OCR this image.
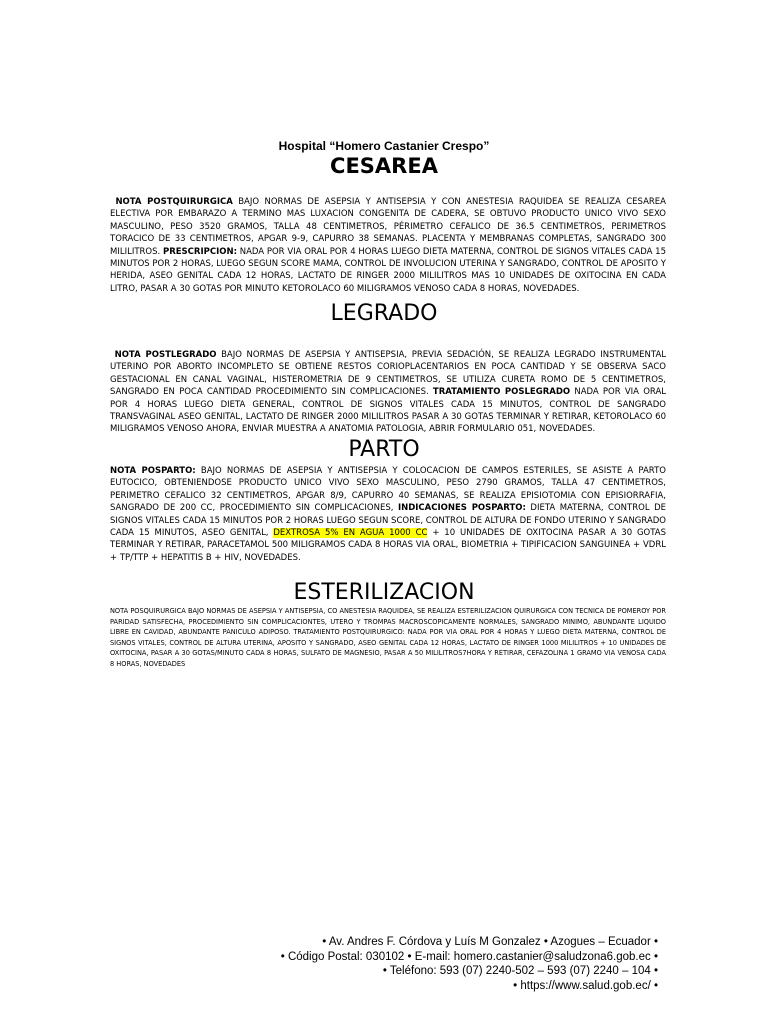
Hospital “Homero Castanier Crespo”
CESAREA
NOTA POSTQUIRURGICA BAJO NORMAS DE ASEPSIA Y ANTISEPSIA Y CON ANESTESIA RAQUIDEA SE REALIZA CESAREA ELECTIVA POR EMBARAZO A TERMINO MAS LUXACION CONGENITA DE CADERA, SE OBTUVO PRODUCTO UNICO VIVO SEXO MASCULINO, PESO 3520 GRAMOS, TALLA 48 CENTIMETROS, PÉRIMETRO CEFALICO DE 36.5 CENTIMETROS, PERIMETROS TORACICO DE 33 CENTIMETROS, APGAR 9-9, CAPURRO 38 SEMANAS. PLACENTA Y MEMBRANAS COMPLETAS, SANGRADO 300 MILILITROS. PRESCRIPCION: NADA POR VIA ORAL POR 4 HORAS LUEGO DIETA MATERNA, CONTROL DE SIGNOS VITALES CADA 15 MINUTOS POR 2 HORAS, LUEGO SEGUN SCORE MAMA, CONTROL DE INVOLUCION UTERINA Y SANGRADO, CONTROL DE APOSITO Y HERIDA, ASEO GENITAL CADA 12 HORAS, LACTATO DE RINGER 2000 MILILITROS MAS 10 UNIDADES DE OXITOCINA EN CADA LITRO, PASAR A 30 GOTAS POR MINUTO KETOROLACO 60 MILIGRAMOS VENOSO CADA 8 HORAS, NOVEDADES.
LEGRADO
NOTA POSTLEGRADO BAJO NORMAS DE ASEPSIA Y ANTISEPSIA, PREVIA SEDACIÓN, SE REALIZA LEGRADO INSTRUMENTAL UTERINO POR ABORTO INCOMPLETO SE OBTIENE RESTOS CORIOPLACENTARIOS EN POCA CANTIDAD Y SE OBSERVA SACO GESTACIONAL EN CANAL VAGINAL, HISTEROMETRIA DE 9 CENTIMETROS, SE UTILIZA CURETA ROMO DE 5 CENTIMETROS, SANGRADO EN POCA CANTIDAD PROCEDIMIENTO SIN COMPLICACIONES. TRATAMIENTO POSLEGRADO NADA POR VIA ORAL POR 4 HORAS LUEGO DIETA GENERAL, CONTROL DE SIGNOS VITALES CADA 15 MINUTOS, CONTROL DE SANGRADO TRANSVAGINAL ASEO GENITAL, LACTATO DE RINGER 2000 MILILITROS PASAR A 30 GOTAS TERMINAR Y RETIRAR, KETOROLACO 60 MILIGRAMOS VENOSO AHORA, ENVIAR MUESTRA A ANATOMIA PATOLOGIA, ABRIR FORMULARIO 051, NOVEDADES.
PARTO
NOTA POSPARTO: BAJO NORMAS DE ASEPSIA Y ANTISEPSIA Y COLOCACION DE CAMPOS ESTERILES, SE ASISTE A PARTO EUTOCICO, OBTENIENDOSE PRODUCTO UNICO VIVO SEXO MASCULINO, PESO 2790 GRAMOS, TALLA 47 CENTIMETROS, PERIMETRO CEFALICO 32 CENTIMETROS, APGAR 8/9, CAPURRO 40 SEMANAS, SE REALIZA EPISIOTOMIA CON EPISIORRAFIA, SANGRADO DE 200 CC, PROCEDIMIENTO SIN COMPLICACIONES, INDICACIONES POSPARTO: DIETA MATERNA, CONTROL DE SIGNOS VITALES CADA 15 MINUTOS POR 2 HORAS LUEGO SEGUN SCORE, CONTROL DE ALTURA DE FONDO UTERINO Y SANGRADO CADA 15 MINUTOS, ASEO GENITAL, DEXTROSA 5% EN AGUA 1000 CC + 10 UNIDADES DE OXITOCINA PASAR A 30 GOTAS TERMINAR Y RETIRAR, PARACETAMOL 500 MILIGRAMOS CADA 8 HORAS VIA ORAL, BIOMETRIA + TIPIFICACION SANGUINEA + VDRL + TP/TTP + HEPATITIS B + HIV, NOVEDADES.
ESTERILIZACION
NOTA POSQUIRURGICA BAJO NORMAS DE ASEPSIA Y ANTISEPSIA, CO ANESTESIA RAQUIDEA, SE REALIZA ESTERILIZACION QUIRURGICA CON TECNICA DE POMEROY POR PARIDAD SATISFECHA, PROCEDIMIENTO SIN COMPLICACIONTES, UTERO Y TROMPAS MACROSCOPICAMENTE NORMALES, SANGRADO MINIMO, ABUNDANTE LIQUIDO LIBRE EN CAVIDAD, ABUNDANTE PANICULO ADIPOSO. TRATAMIENTO POSTQUIRURGICO: NADA POR VIA ORAL POR 4 HORAS Y LUEGO DIETA MATERNA, CONTROL DE SIGNOS VITALES, CONTROL DE ALTURA UTERINA, APOSITO Y SANGRADO, ASEO GENITAL CADA 12 HORAS, LACTATO DE RINGER 1000 MILILITROS + 10 UNIDADES DE OXITOCINA, PASAR A 30 GOTAS/MINUTO CADA 8 HORAS, SULFATO DE MAGNESIO, PASAR A 50 MILILITROS7HORA Y RETIRAR, CEFAZOLINA 1 GRAMO VIA VENOSA CADA 8 HORAS, NOVEDADES
• Av. Andres F. Córdova y Luís M Gonzalez • Azogues – Ecuador •
• Código Postal: 030102 • E-mail: homero.castanier@saludzona6.gob.ec •
• Teléfono: 593 (07) 2240-502 – 593 (07) 2240 – 104 •
• https://www.salud.gob.ec/ •
